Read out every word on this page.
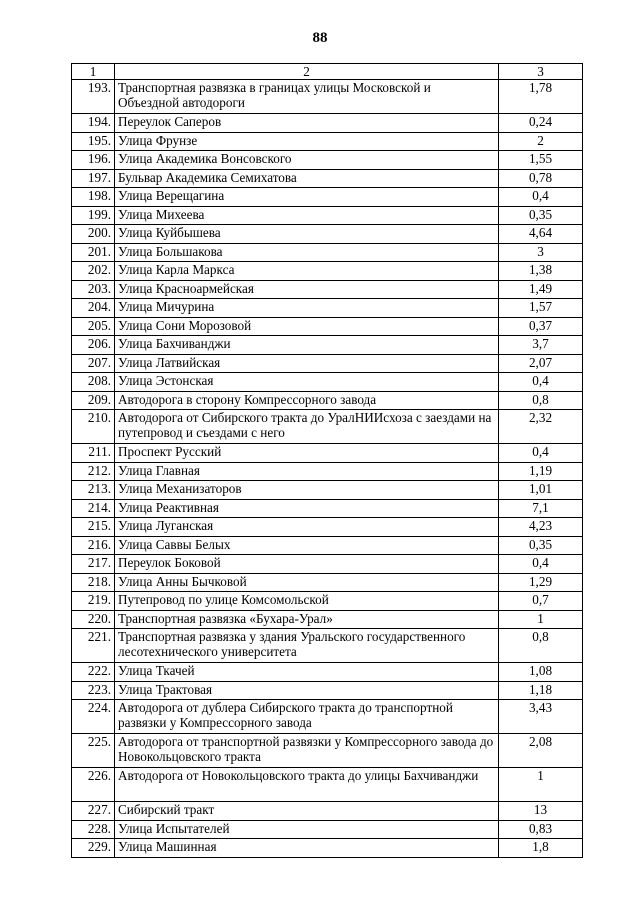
88
1	2	3
193.	Транспортная развязка в границах улицы Московской и Объездной автодороги	1,78
194.	Переулок Саперов	0,24
195.	Улица Фрунзе	2
196.	Улица Академика Вонсовского	1,55
197.	Бульвар Академика Семихатова	0,78
198.	Улица Верещагина	0,4
199.	Улица Михеева	0,35
200.	Улица Куйбышева	4,64
201.	Улица Большакова	3
202.	Улица Карла Маркса	1,38
203.	Улица Красноармейская	1,49
204.	Улица Мичурина	1,57
205.	Улица Сони Морозовой	0,37
206.	Улица Бахчиванджи	3,7
207.	Улица Латвийская	2,07
208.	Улица Эстонская	0,4
209.	Автодорога в сторону Компрессорного завода	0,8
210.	Автодорога от Сибирского тракта до УралНИИсхоза с заездами на путепровод и съездами с него	2,32
211.	Проспект Русский	0,4
212.	Улица Главная	1,19
213.	Улица Механизаторов	1,01
214.	Улица Реактивная	7,1
215.	Улица Луганская	4,23
216.	Улица Саввы Белых	0,35
217.	Переулок Боковой	0,4
218.	Улица Анны Бычковой	1,29
219.	Путепровод по улице Комсомольской	0,7
220.	Транспортная развязка «Бухара-Урал»	1
221.	Транспортная развязка у здания Уральского государственного лесотехнического университета	0,8
222.	Улица Ткачей	1,08
223.	Улица Трактовая	1,18
224.	Автодорога от дублера Сибирского тракта до транспортной развязки у Компрессорного завода	3,43
225.	Автодорога от транспортной развязки у Компрессорного завода до Новокольцовского тракта	2,08
226.	Автодорога от Новокольцовского тракта до улицы Бахчиванджи	1
227.	Сибирский тракт	13
228.	Улица Испытателей	0,83
229.	Улица Машинная	1,8
